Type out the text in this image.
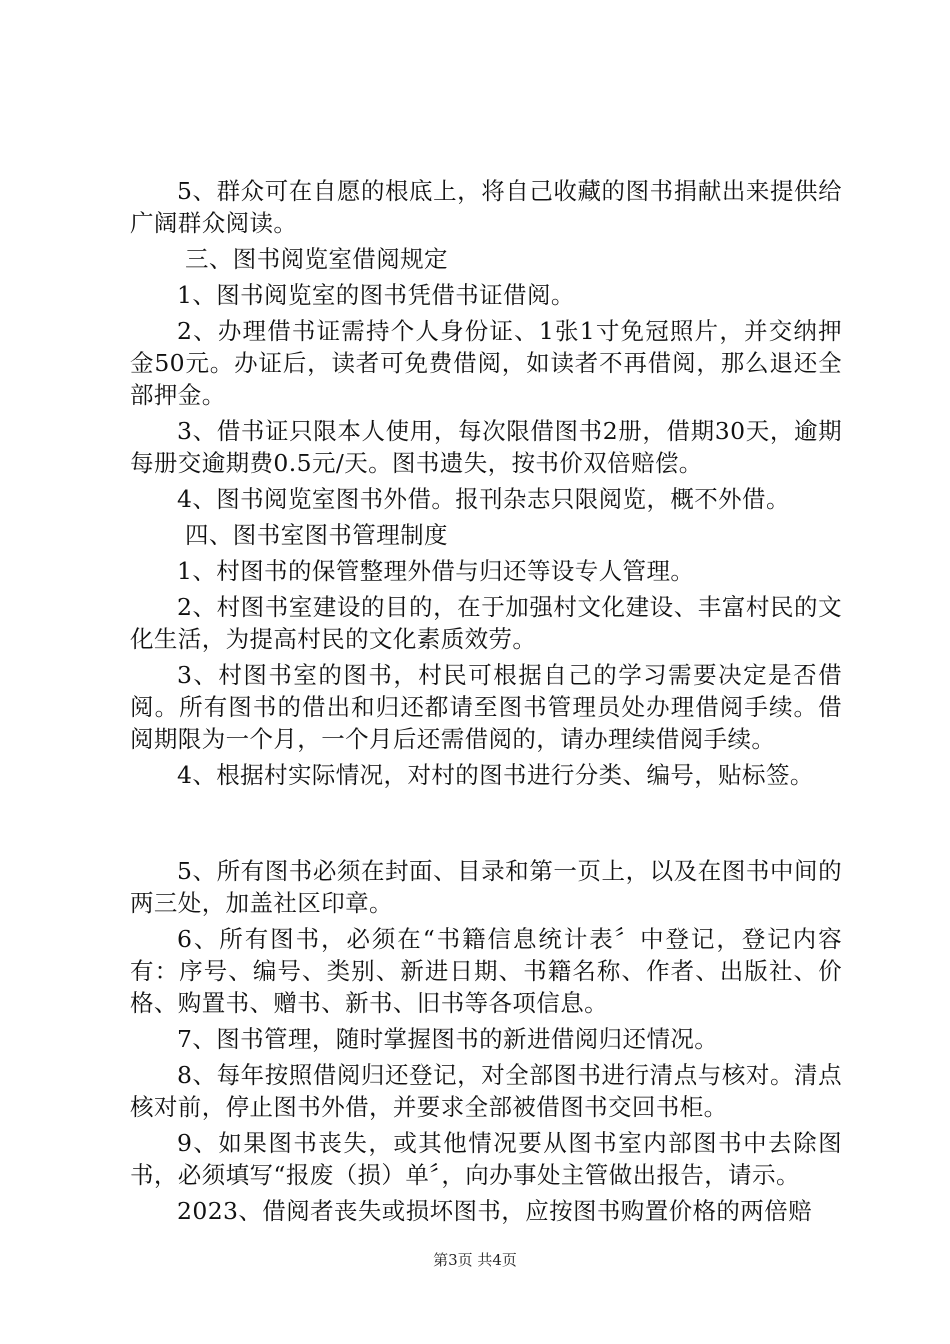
5、群众可在自愿的根底上，将自己收藏的图书捐献出来提供给广阔群众阅读。

三、图书阅览室借阅规定

1、图书阅览室的图书凭借书证借阅。

2、办理借书证需持个人身份证、1张1寸免冠照片，并交纳押金50元。办证后，读者可免费借阅，如读者不再借阅，那么退还全部押金。

3、借书证只限本人使用，每次限借图书2册，借期30天，逾期每册交逾期费0.5元/天。图书遗失，按书价双倍赔偿。

4、图书阅览室图书外借。报刊杂志只限阅览，概不外借。

四、图书室图书管理制度

1、村图书的保管整理外借与归还等设专人管理。

2、村图书室建设的目的，在于加强村文化建设、丰富村民的文化生活，为提高村民的文化素质效劳。

3、村图书室的图书，村民可根据自己的学习需要决定是否借阅。所有图书的借出和归还都请至图书管理员处办理借阅手续。借阅期限为一个月，一个月后还需借阅的，请办理续借阅手续。

4、根据村实际情况，对村的图书进行分类、编号，贴标签。

5、所有图书必须在封面、目录和第一页上，以及在图书中间的两三处，加盖社区印章。

6、所有图书，必须在“书籍信息统计表〞中登记，登记内容有：序号、编号、类别、新进日期、书籍名称、作者、出版社、价格、购置书、赠书、新书、旧书等各项信息。

7、图书管理，随时掌握图书的新进借阅归还情况。

8、每年按照借阅归还登记，对全部图书进行清点与核对。清点核对前，停止图书外借，并要求全部被借图书交回书柜。

9、如果图书丧失，或其他情况要从图书室内部图书中去除图书，必须填写“报废（损）单〞，向办事处主管做出报告，请示。

2023、借阅者丧失或损坏图书，应按图书购置价格的两倍赔

第3页 共4页
